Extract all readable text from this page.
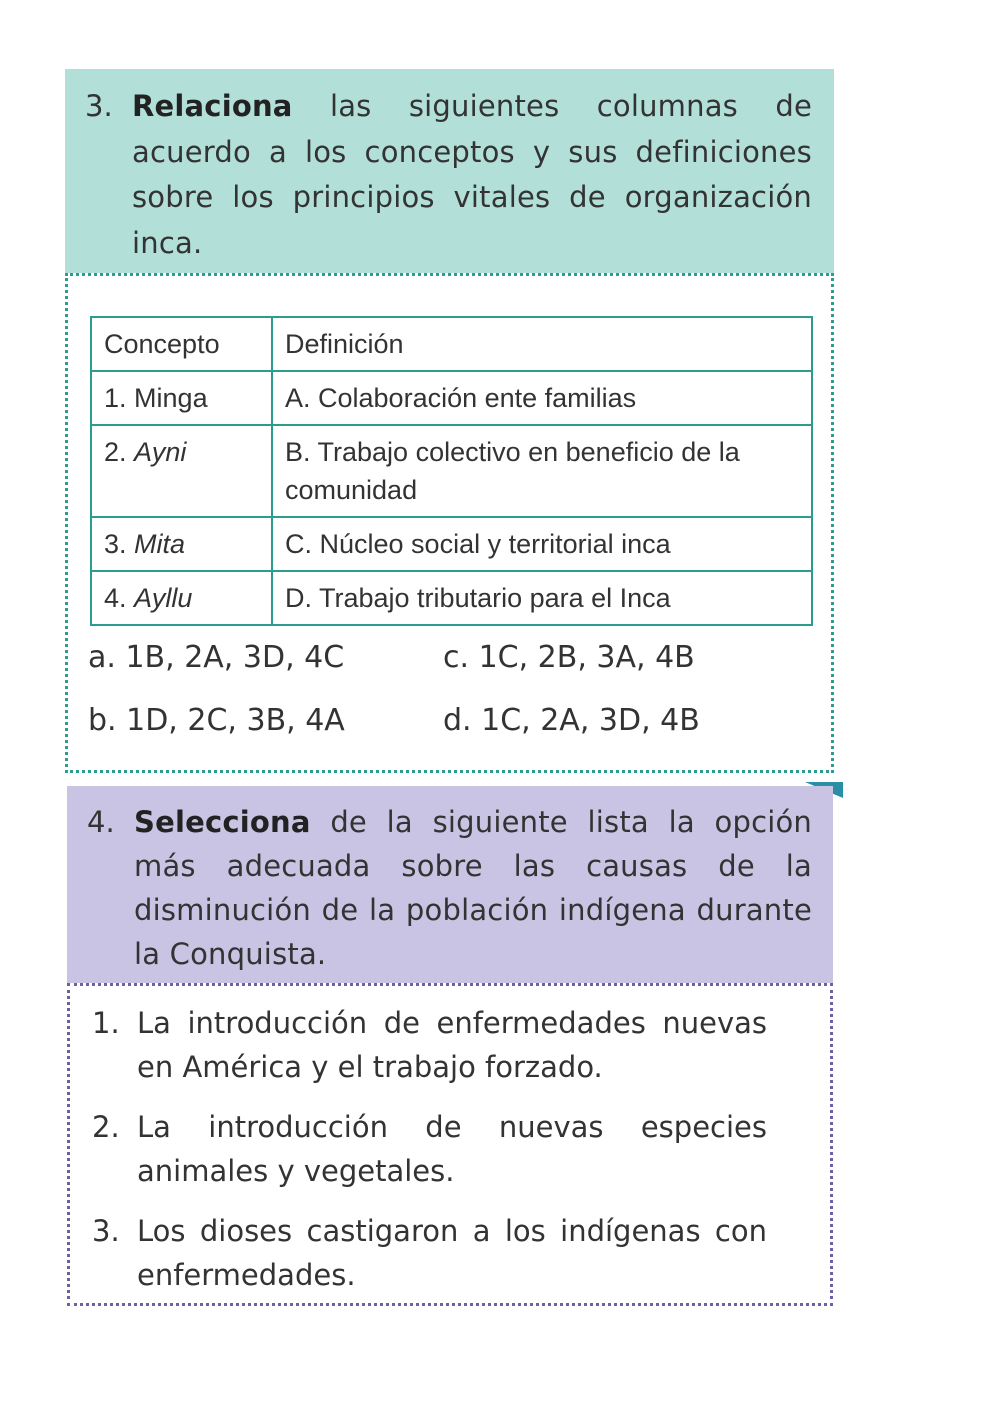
3. Relaciona las siguientes columnas de acuerdo a los conceptos y sus definiciones sobre los principios vitales de organización inca.

Concepto	Definición
1. Minga	A. Colaboración ente familias
2. Ayni	B. Trabajo colectivo en beneficio de la comunidad
3. Mita	C. Núcleo social y territorial inca
4. Ayllu	D. Trabajo tributario para el Inca
a. 1B, 2A, 3D, 4C	c. 1C, 2B, 3A, 4B
b. 1D, 2C, 3B, 4A	d. 1C, 2A, 3D, 4B
4. Selecciona de la siguiente lista la opción más adecuada sobre las causas de la disminución de la población indígena durante la Conquista.

1. La introducción de enfermedades nuevas en América y el trabajo forzado.
2. La introducción de nuevas especies animales y vegetales.
3. Los dioses castigaron a los indígenas con enfermedades.
